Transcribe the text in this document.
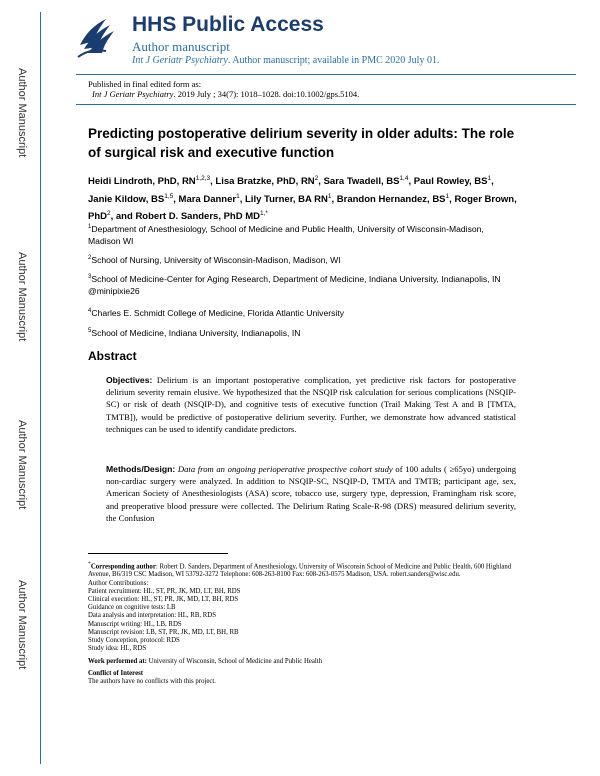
Author Manuscript
Author Manuscript
Author Manuscript
Author Manuscript
HHS Public Access
Author manuscript
Int J Geriatr Psychiatry. Author manuscript; available in PMC 2020 July 01.
Published in final edited form as:
Int J Geriatr Psychiatry. 2019 July ; 34(7): 1018–1028. doi:10.1002/gps.5104.
Predicting postoperative delirium severity in older adults: The role of surgical risk and executive function
Heidi Lindroth, PhD, RN$^{1,2,3}$, Lisa Bratzke, PhD, $RN^2$, Sara Twadell, BS$^{1,4}$, Paul Rowley, $BS^1$, Janie Kildow, BS$^{1,5}$, Mara Danner$^1$, Lily Turner, BA $RN^1$, Brandon Hernandez, $BS^1$, Roger Brown, PhD$^2$, and Robert D. Sanders, PhD $MD^{1,*}$
$^1$Department of Anesthesiology, School of Medicine and Public Health, University of Wisconsin-Madison, Madison WI
$^2$School of Nursing, University of Wisconsin-Madison, Madison, WI
$^3$School of Medicine-Center for Aging Research, Department of Medicine, Indiana University, Indianapolis, IN @minipixie26
$^4$Charles E. Schmidt College of Medicine, Florida Atlantic University
$^5$School of Medicine, Indiana University, Indianapolis, IN
Abstract
Objectives: Delirium is an important postoperative complication, yet predictive risk factors for postoperative delirium severity remain elusive. We hypothesized that the NSQIP risk calculation for serious complications (NSQIP-SC) or risk of death (NSQIP-D), and cognitive tests of executive function (Trail Making Test A and B [TMTA, TMTB]), would be predictive of postoperative delirium severity. Further, we demonstrate how advanced statistical techniques can be used to identify candidate predictors.
Methods/Design: Data from an ongoing perioperative prospective cohort study of 100 adults ( ≥65yo) undergoing non-cardiac surgery were analyzed. In addition to NSQIP-SC, NSQIP-D, TMTA and TMTB; participant age, sex, American Society of Anesthesiologists (ASA) score, tobacco use, surgery type, depression, Framingham risk score, and preoperative blood pressure were collected. The Delirium Rating Scale-R-98 (DRS) measured delirium severity, the Confusion
*Corresponding author: Robert D. Sanders, Department of Anesthesiology, University of Wisconsin School of Medicine and Public Health, 600 Highland Avenue, B6/319 CSC Madison, WI 53792-3272 Telephone: 608-263-8100 Fax: 608-263-0575 Madison, USA. robert.sanders@wisc.edu.
Author Contributions:
Patient recruitment: HL, ST, PR, JK, MD, LT, BH, RDS
Clinical execution: HL, ST, PR, JK, MD, LT, BH, RDS
Guidance on cognitive tests: LB
Data analysis and interpretation: HL, RB, RDS
Manuscript writing: HL, LB, RDS
Manuscript revision: LB, ST, PR, JK, MD, LT, BH, RB
Study Conception, protocol: RDS
Study idea: HL, RDS
Work performed at: University of Wisconsin, School of Medicine and Public Health
Conflict of Interest
The authors have no conflicts with this project.
